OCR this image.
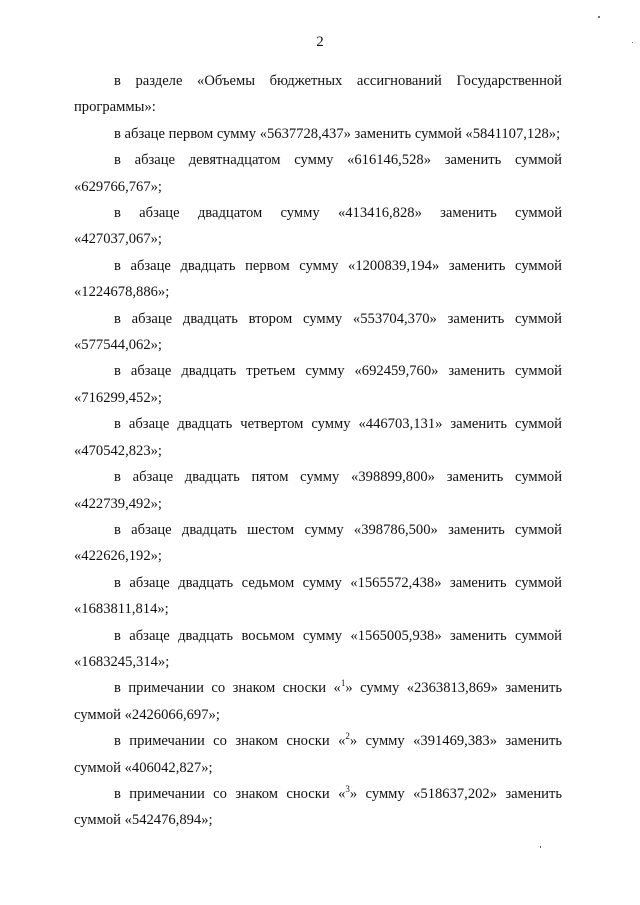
2

в разделе «Объемы бюджетных ассигнований Государственной программы»:

в абзаце первом сумму «5637728,437» заменить суммой «5841107,128»;

в абзаце девятнадцатом сумму «616146,528» заменить суммой «629766,767»;

в абзаце двадцатом сумму «413416,828» заменить суммой «427037,067»;

в абзаце двадцать первом сумму «1200839,194» заменить суммой «1224678,886»;

в абзаце двадцать втором сумму «553704,370» заменить суммой «577544,062»;

в абзаце двадцать третьем сумму «692459,760» заменить суммой «716299,452»;

в абзаце двадцать четвертом сумму «446703,131» заменить суммой «470542,823»;

в абзаце двадцать пятом сумму «398899,800» заменить суммой «422739,492»;

в абзаце двадцать шестом сумму «398786,500» заменить суммой «422626,192»;

в абзаце двадцать седьмом сумму «1565572,438» заменить суммой «1683811,814»;

в абзаце двадцать восьмом сумму «1565005,938» заменить суммой «1683245,314»;

в примечании со знаком сноски «$^1$» сумму «2363813,869» заменить суммой «2426066,697»;

в примечании со знаком сноски «$^2$» сумму «391469,383» заменить суммой «406042,827»;

в примечании со знаком сноски «$^3$» сумму «518637,202» заменить суммой «542476,894»;
